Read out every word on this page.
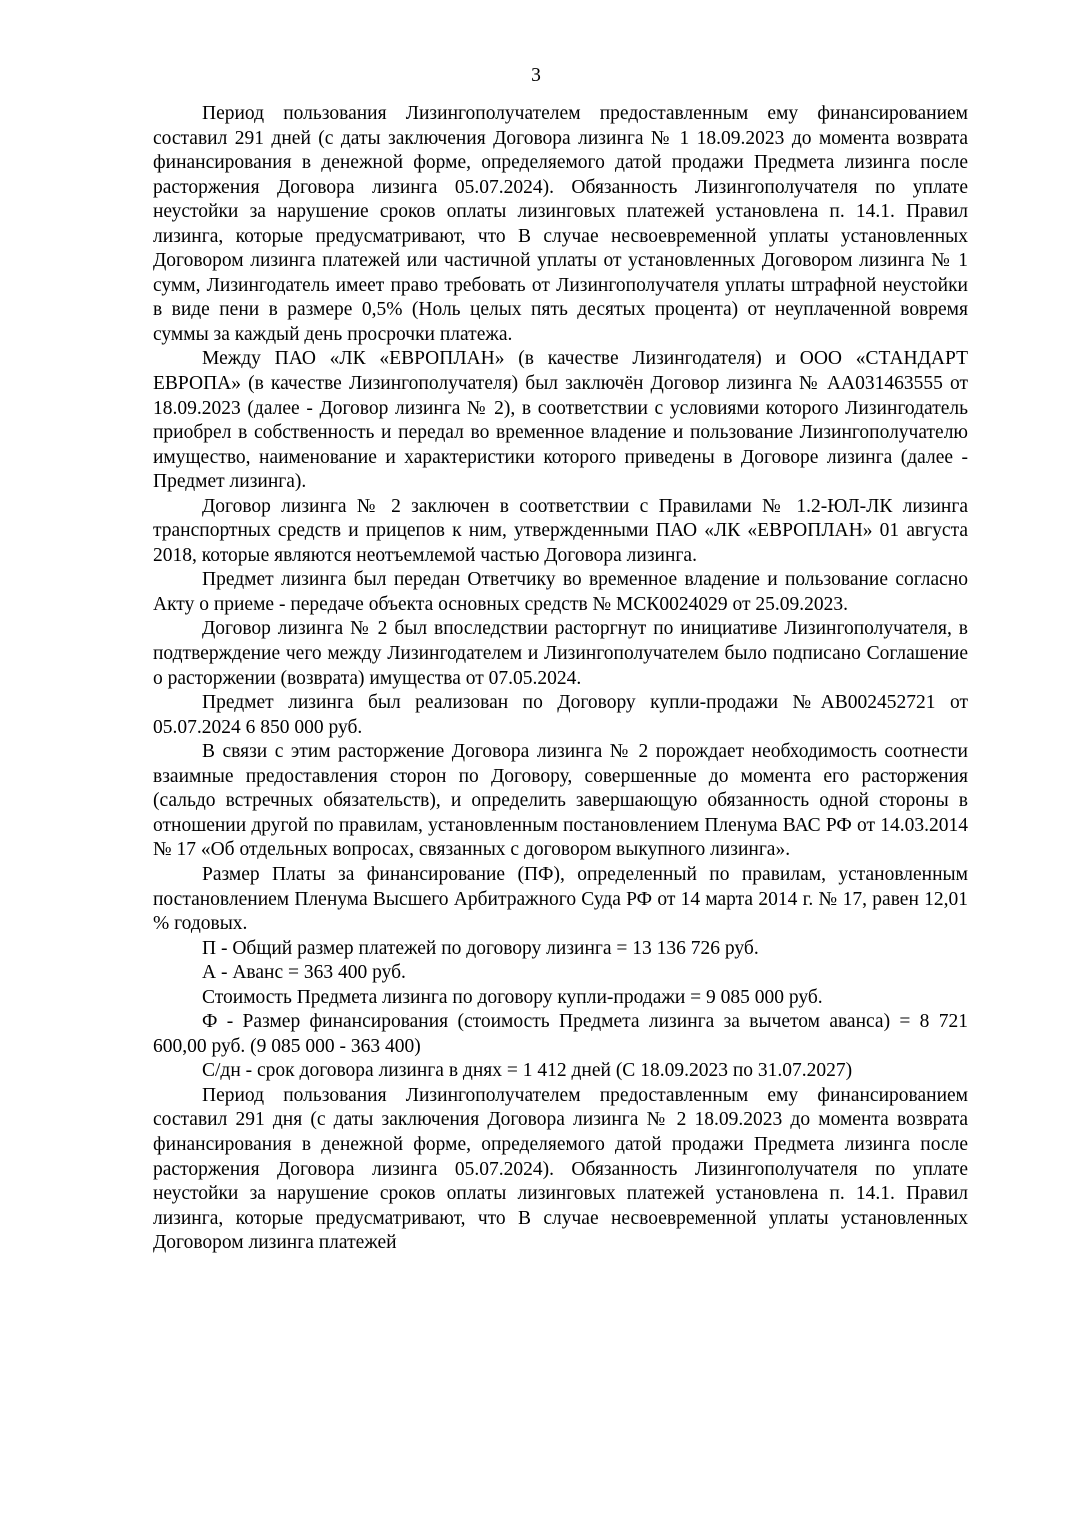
3

Период пользования Лизингополучателем предоставленным ему финансированием составил 291 дней (с даты заключения Договора лизинга № 1 18.09.2023 до момента возврата финансирования в денежной форме, определяемого датой продажи Предмета лизинга после расторжения Договора лизинга 05.07.2024). Обязанность Лизингополучателя по уплате неустойки за нарушение сроков оплаты лизинговых платежей установлена п. 14.1. Правил лизинга, которые предусматривают, что В случае несвоевременной уплаты установленных Договором лизинга платежей или частичной уплаты от установленных Договором лизинга № 1 сумм, Лизингодатель имеет право требовать от Лизингополучателя уплаты штрафной неустойки в виде пени в размере 0,5% (Ноль целых пять десятых процента) от неуплаченной вовремя суммы за каждый день просрочки платежа.

Между ПАО «ЛК «ЕВРОПЛАН» (в качестве Лизингодателя) и ООО «СТАНДАРТ ЕВРОПА» (в качестве Лизингополучателя) был заключён Договор лизинга № АА031463555 от 18.09.2023 (далее - Договор лизинга № 2), в соответствии с условиями которого Лизингодатель приобрел в собственность и передал во временное владение и пользование Лизингополучателю имущество, наименование и характеристики которого приведены в Договоре лизинга (далее - Предмет лизинга).

Договор лизинга № 2 заключен в соответствии с Правилами № 1.2-ЮЛ-ЛК лизинга транспортных средств и прицепов к ним, утвержденными ПАО «ЛК «ЕВРОПЛАН» 01 августа 2018, которые являются неотъемлемой частью Договора лизинга.

Предмет лизинга был передан Ответчику во временное владение и пользование согласно Акту о приеме - передаче объекта основных средств № МСК0024029 от 25.09.2023.

Договор лизинга № 2 был впоследствии расторгнут по инициативе Лизингополучателя, в подтверждение чего между Лизингодателем и Лизингополучателем было подписано Соглашение о расторжении (возврата) имущества от 07.05.2024.

Предмет лизинга был реализован по Договору купли-продажи №АВ002452721 от 05.07.2024 6 850 000 руб.

В связи с этим расторжение Договора лизинга № 2 порождает необходимость соотнести взаимные предоставления сторон по Договору, совершенные до момента его расторжения (сальдо встречных обязательств), и определить завершающую обязанность одной стороны в отношении другой по правилам, установленным постановлением Пленума ВАС РФ от 14.03.2014 № 17 «Об отдельных вопросах, связанных с договором выкупного лизинга».

Размер Платы за финансирование (ПФ), определенный по правилам, установленным постановлением Пленума Высшего Арбитражного Суда РФ от 14 марта 2014 г. № 17, равен 12,01 % годовых.

П - Общий размер платежей по договору лизинга = 13 136 726 руб.

А - Аванс = 363 400 руб.

Стоимость Предмета лизинга по договору купли-продажи = 9 085 000 руб.

Ф - Размер финансирования (стоимость Предмета лизинга за вычетом аванса) = 8 721 600,00 руб. (9 085 000 - 363 400)

С/дн - срок договора лизинга в днях = 1 412 дней (С 18.09.2023 по 31.07.2027)

Период пользования Лизингополучателем предоставленным ему финансированием составил 291 дня (с даты заключения Договора лизинга № 2 18.09.2023 до момента возврата финансирования в денежной форме, определяемого датой продажи Предмета лизинга после расторжения Договора лизинга 05.07.2024). Обязанность Лизингополучателя по уплате неустойки за нарушение сроков оплаты лизинговых платежей установлена п. 14.1. Правил лизинга, которые предусматривают, что В случае несвоевременной уплаты установленных Договором лизинга платежей
